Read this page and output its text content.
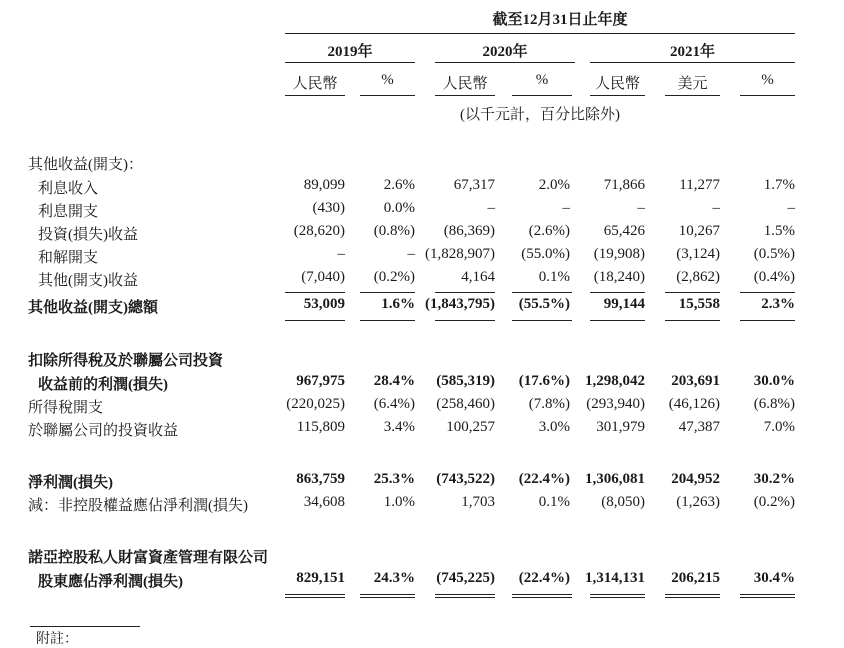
截至12月31日止年度
2019年	2020年	2021年
人民幣	%	人民幣	%	人民幣	美元	%
(以千元計，百分比除外)
其他收益(開支)：
利息收入	89,099	2.6%	67,317	2.0% 71,866 11,277	1.7%
利息開支	(430)	0.0%	–	–	–	–	–
投資(損失)收益	(28,620) (0.8%) (86,369) (2.6%) 65,426 10,267	1.5%
和解開支	–	– (1,828,907) (55.0%) (19,908) (3,124) (0.5%)
其他(開支)收益	(7,040) (0.2%)	4,164	0.1% (18,240) (2,862) (0.4%)
其他收益(開支)總額	53,009 1.6% (1,843,795) (55.5%) 99,144 15,558	2.3%
扣除所得稅及於聯屬公司投資
收益前的利潤(損失)	967,975 28.4% (585,319) (17.6%) 1,298,042 203,691 30.0%
所得稅開支	(220,025) (6.4%) (258,460) (7.8%) (293,940) (46,126) (6.8%)
於聯屬公司的投資收益	115,809	3.4% 100,257	3.0% 301,979 47,387	7.0%
淨利潤(損失)	863,759 25.3% (743,522) (22.4%) 1,306,081 204,952 30.2%
減：非控股權益應佔淨利潤(損失)	34,608	1.0%	1,703	0.1% (8,050) (1,263) (0.2%)
諾亞控股私人財富資產管理有限公司
股東應佔淨利潤(損失)	829,151 24.3% (745,225) (22.4%) 1,314,131 206,215 30.4%
附註：
